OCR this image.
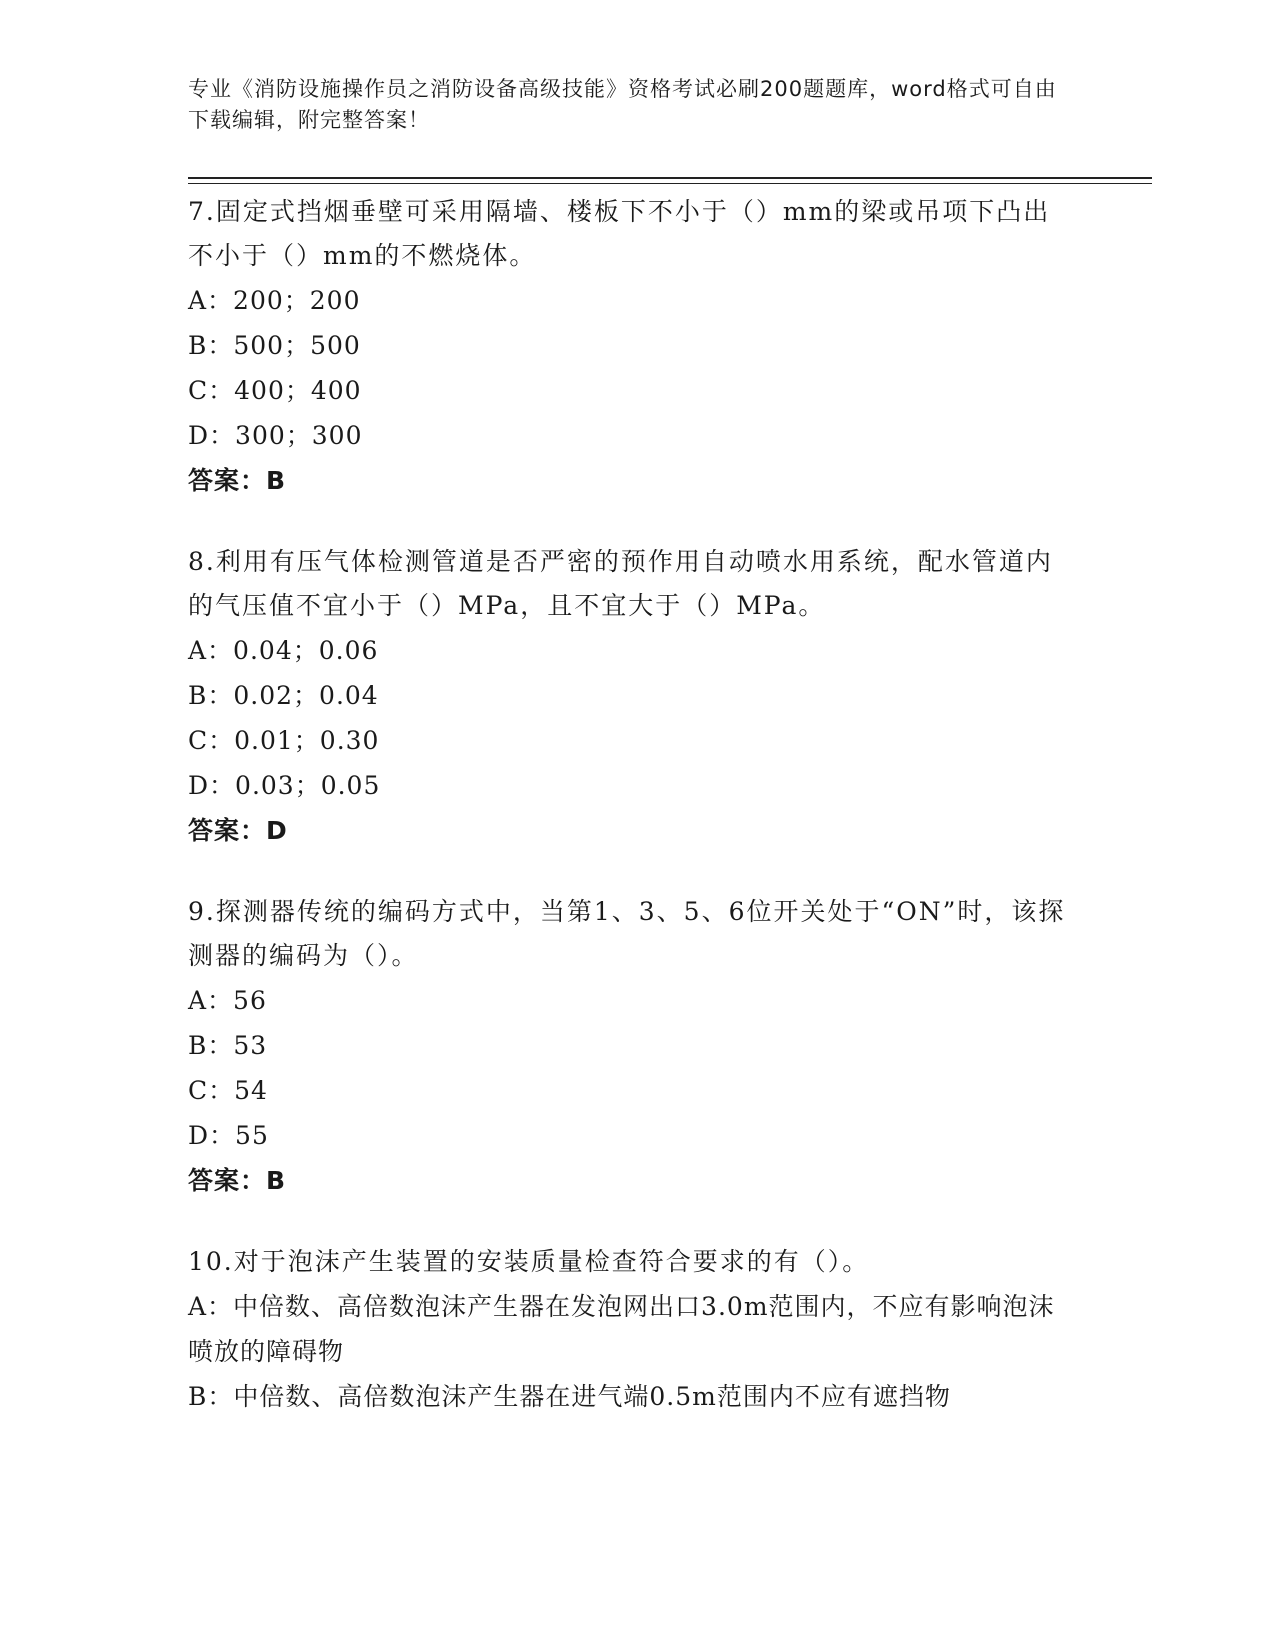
专业《消防设施操作员之消防设备高级技能》资格考试必刷200题题库，word格式可自由下载编辑，附完整答案！
7.固定式挡烟垂壁可采用隔墙、楼板下不小于（）mm的梁或吊项下凸出不小于（）mm的不燃烧体。
A：200；200
B：500；500
C：400；400
D：300；300
答案：B
8.利用有压气体检测管道是否严密的预作用自动喷水用系统，配水管道内的气压值不宜小于（）MPa，且不宜大于（）MPa。
A：0.04；0.06
B：0.02；0.04
C：0.01；0.30
D：0.03；0.05
答案：D
9.探测器传统的编码方式中，当第1、3、5、6位开关处于“ON”时，该探测器的编码为（）。
A：56
B：53
C：54
D：55
答案：B
10.对于泡沫产生装置的安装质量检查符合要求的有（）。
A：中倍数、高倍数泡沫产生器在发泡网出口3.0m范围内，不应有影响泡沫喷放的障碍物
B：中倍数、高倍数泡沫产生器在进气端0.5m范围内不应有遮挡物
